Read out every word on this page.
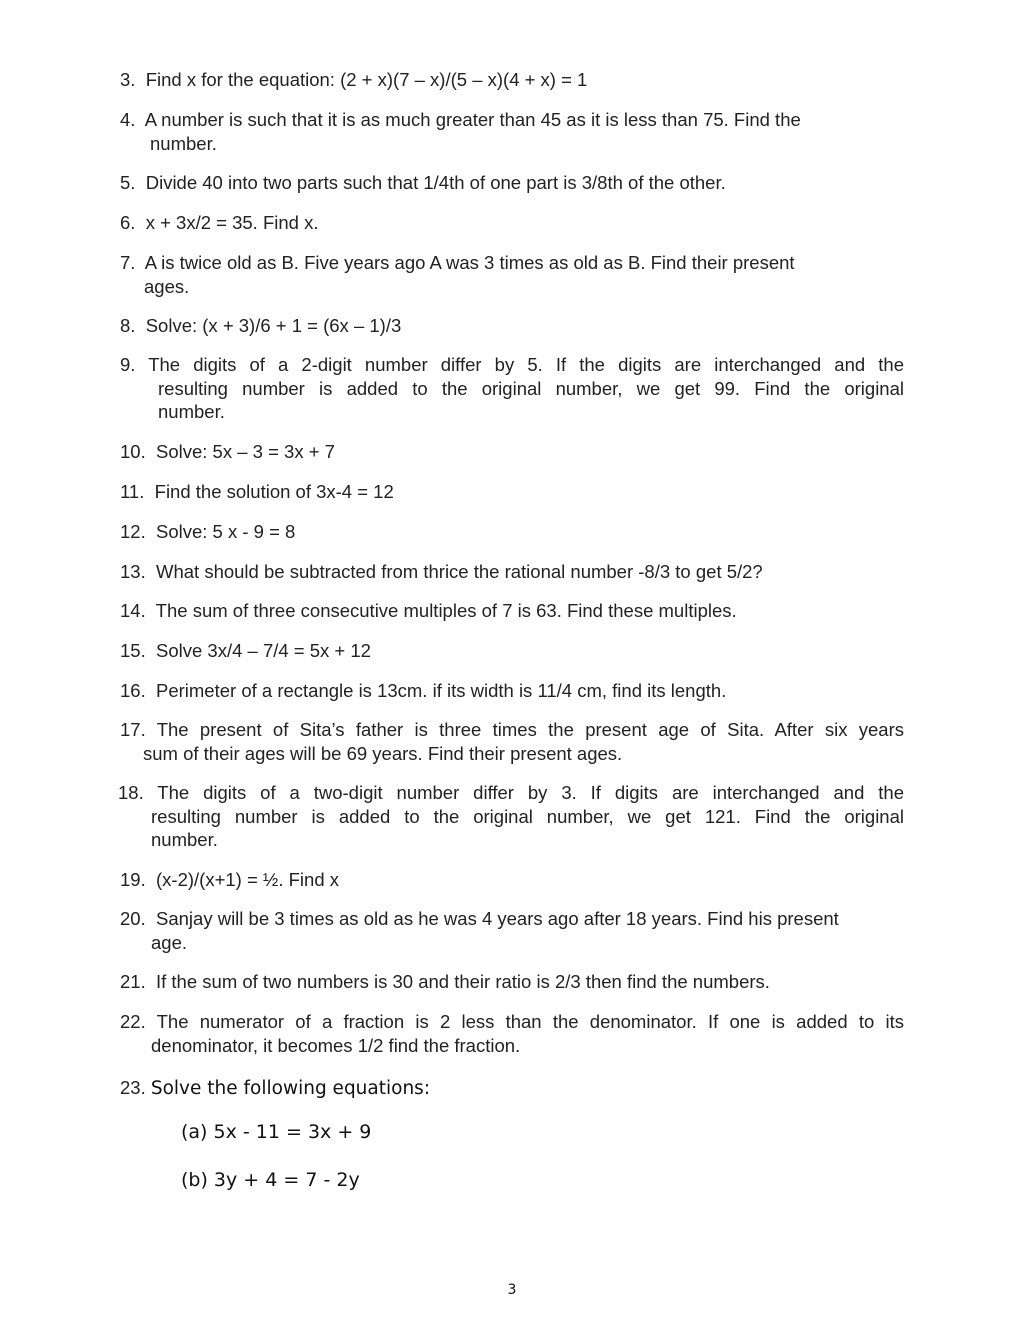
3. Find x for the equation: (2 + x)(7 – x)/(5 – x)(4 + x) = 1

4. A number is such that it is as much greater than 45 as it is less than 75. Find the
number.

5. Divide 40 into two parts such that 1/4th of one part is 3/8th of the other.

6. x + 3x/2 = 35. Find x.

7. A is twice old as B. Five years ago A was 3 times as old as B. Find their present
ages.

8. Solve: (x + 3)/6 + 1 = (6x – 1)/3

9. The digits of a 2-digit number differ by 5. If the digits are interchanged and the
resulting number is added to the original number, we get 99. Find the original
number.

10. Solve: 5x – 3 = 3x + 7

11. Find the solution of 3x-4 = 12

12. Solve: 5 x - 9 = 8

13. What should be subtracted from thrice the rational number -8/3 to get 5/2?

14. The sum of three consecutive multiples of 7 is 63. Find these multiples.

15. Solve 3x/4 – 7/4 = 5x + 12

16. Perimeter of a rectangle is 13cm. if its width is 11/4 cm, find its length.

17. The present of Sita’s father is three times the present age of Sita. After six years
sum of their ages will be 69 years. Find their present ages.
18. The digits of a two-digit number differ by 3. If digits are interchanged and the
resulting number is added to the original number, we get 121. Find the original
number.

19. (x-2)/(x+1) = ½. Find x

20. Sanjay will be 3 times as old as he was 4 years ago after 18 years. Find his present
age.

21. If the sum of two numbers is 30 and their ratio is 2/3 then find the numbers.

22. The numerator of a fraction is 2 less than the denominator. If one is added to its
denominator, it becomes 1/2 find the fraction.

23. Solve the following equations:

(a) 5x - 11 = 3x + 9

(b) 3y + 4 = 7 - 2y

3
